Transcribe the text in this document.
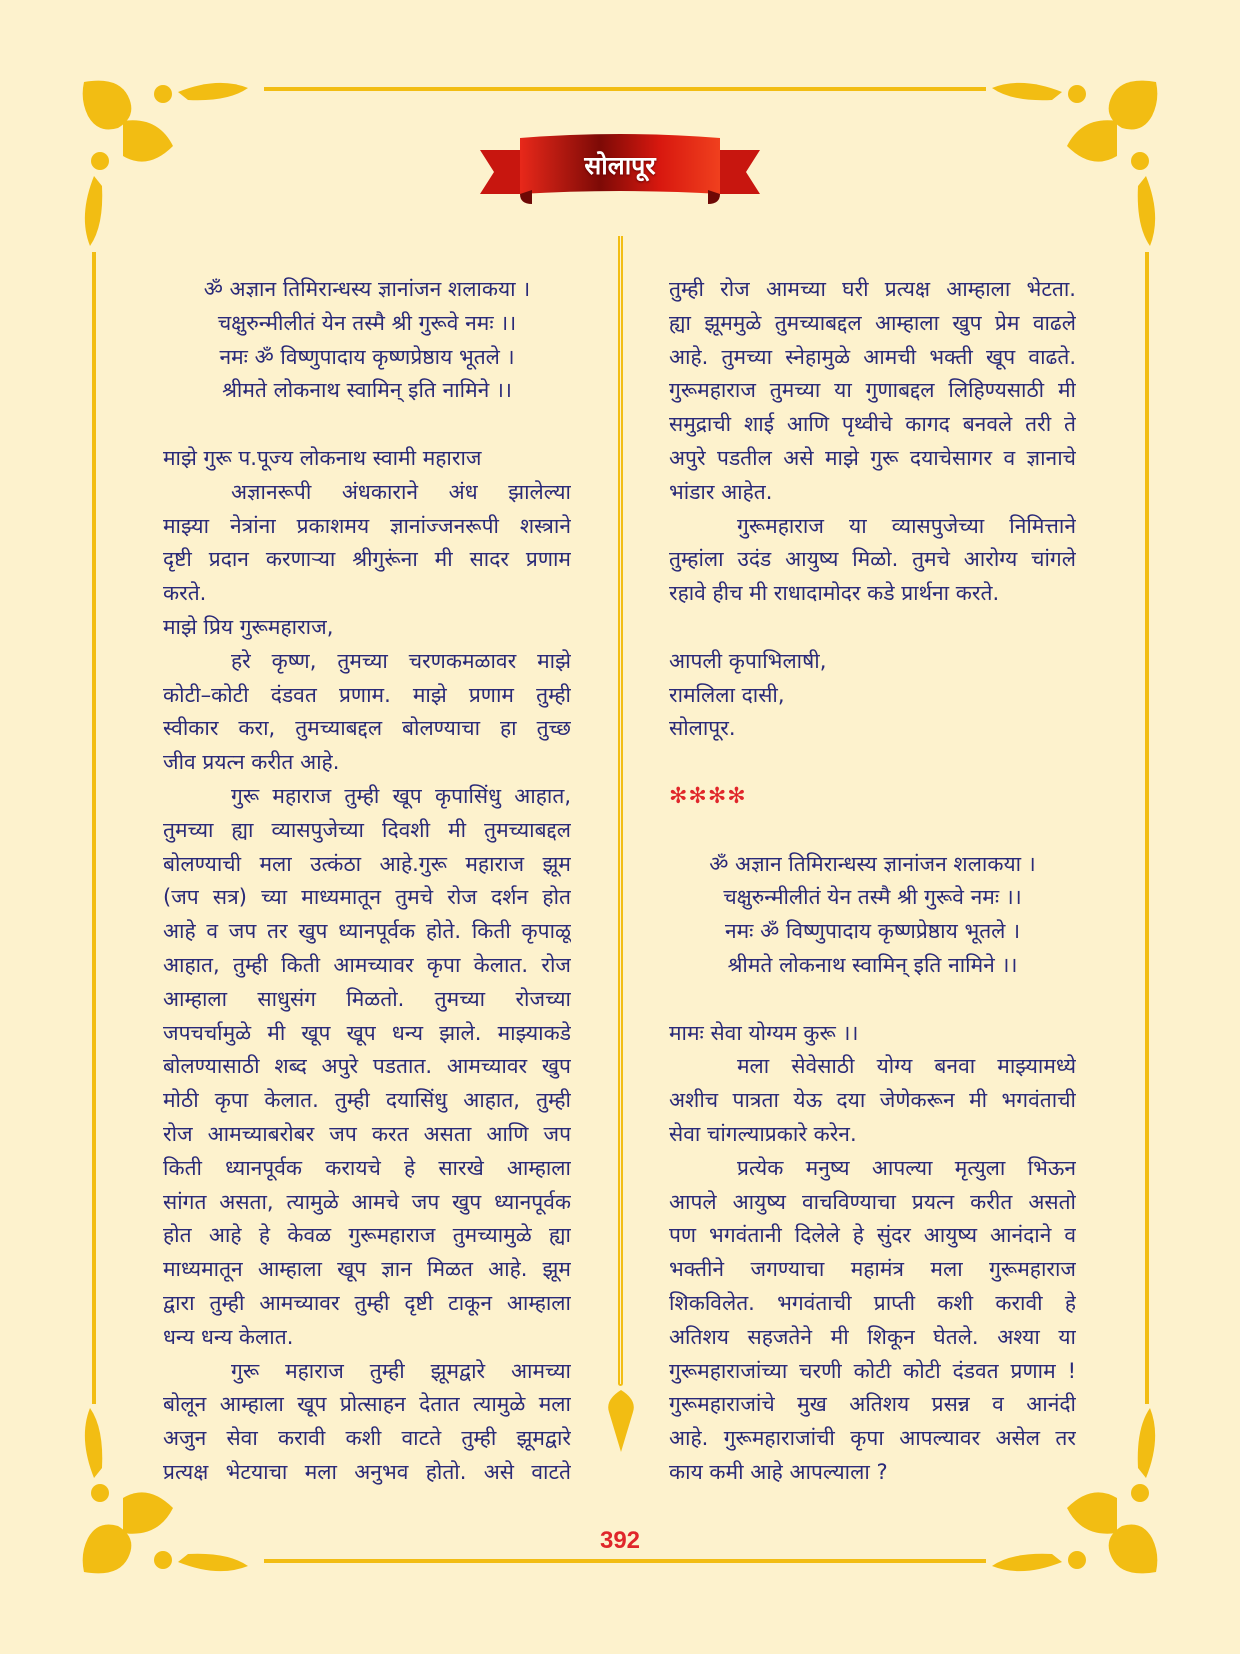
सोलापूर
ॐ अज्ञान तिमिरान्धस्य ज्ञानांजन शलाकया ।
चक्षुरुन्मीलीतं येन तस्मै श्री गुरूवे नमः ।।
नमः ॐ विष्णुपादाय कृष्णप्रेष्ठाय भूतले ।
श्रीमते लोकनाथ स्वामिन् इति नामिने ।।
माझे गुरू प.पूज्य लोकनाथ स्वामी महाराज
अज्ञानरूपी अंधकाराने अंध झालेल्या
माझ्या नेत्रांना प्रकाशमय ज्ञानांज्जनरूपी शस्त्राने
दृष्टी प्रदान करणाऱ्या श्रीगुरूंना मी सादर प्रणाम
करते.
माझे प्रिय गुरूमहाराज,
हरे कृष्ण, तुमच्या चरणकमळावर माझे
कोटी–कोटी दंडवत प्रणाम. माझे प्रणाम तुम्ही
स्वीकार करा, तुमच्याबद्दल बोलण्याचा हा तुच्छ
जीव प्रयत्न करीत आहे.
गुरू महाराज तुम्ही खूप कृपासिंधु आहात,
तुमच्या ह्या व्यासपुजेच्या दिवशी मी तुमच्याबद्दल
बोलण्याची मला उत्कंठा आहे.गुरू महाराज झूम
(जप सत्र) च्या माध्यमातून तुमचे रोज दर्शन होत
आहे व जप तर खुप ध्यानपूर्वक होते. किती कृपाळू
आहात, तुम्ही किती आमच्यावर कृपा केलात. रोज
आम्हाला साधुसंग मिळतो. तुमच्या रोजच्या
जपचर्चामुळे मी खूप खूप धन्य झाले. माझ्याकडे
बोलण्यासाठी शब्द अपुरे पडतात. आमच्यावर खुप
मोठी कृपा केलात. तुम्ही दयासिंधु आहात, तुम्ही
रोज आमच्याबरोबर जप करत असता आणि जप
किती ध्यानपूर्वक करायचे हे सारखे आम्हाला
सांगत असता, त्यामुळे आमचे जप खुप ध्यानपूर्वक
होत आहे हे केवळ गुरूमहाराज तुमच्यामुळे ह्या
माध्यमातून आम्हाला खूप ज्ञान मिळत आहे. झूम
द्वारा तुम्ही आमच्यावर तुम्ही दृष्टी टाकून आम्हाला
धन्य धन्य केलात.
गुरू महाराज तुम्ही झूमद्वारे आमच्या
बोलून आम्हाला खूप प्रोत्साहन देतात त्यामुळे मला
अजुन सेवा करावी कशी वाटते तुम्ही झूमद्वारे
प्रत्यक्ष भेटयाचा मला अनुभव होतो. असे वाटते
तुम्ही रोज आमच्या घरी प्रत्यक्ष आम्हाला भेटता.
ह्या झूममुळे तुमच्याबद्दल आम्हाला खुप प्रेम वाढले
आहे. तुमच्या स्नेहामुळे आमची भक्ती खूप वाढते.
गुरूमहाराज तुमच्या या गुणाबद्दल लिहिण्यसाठी मी
समुद्राची शाई आणि पृथ्वीचे कागद बनवले तरी ते
अपुरे पडतील असे माझे गुरू दयाचेसागर व ज्ञानाचे
भांडार आहेत.
गुरूमहाराज या व्यासपुजेच्या निमित्ताने
तुम्हांला उदंड आयुष्य मिळो. तुमचे आरोग्य चांगले
रहावे हीच मी राधादामोदर कडे प्रार्थना करते.
आपली कृपाभिलाषी,
रामलिला दासी,
सोलापूर.
✻✻✻✻
ॐ अज्ञान तिमिरान्धस्य ज्ञानांजन शलाकया ।
चक्षुरुन्मीलीतं येन तस्मै श्री गुरूवे नमः ।।
नमः ॐ विष्णुपादाय कृष्णप्रेष्ठाय भूतले ।
श्रीमते लोकनाथ स्वामिन् इति नामिने ।।
मामः सेवा योग्यम कुरू ।।
मला सेवेसाठी योग्य बनवा माझ्यामध्ये
अशीच पात्रता येऊ दया जेणेकरून मी भगवंताची
सेवा चांगल्याप्रकारे करेन.
प्रत्येक मनुष्य आपल्या मृत्युला भिऊन
आपले आयुष्य वाचविण्याचा प्रयत्न करीत असतो
पण भगवंतानी दिलेले हे सुंदर आयुष्य आनंदाने व
भक्तीने जगण्याचा महामंत्र मला गुरूमहाराज
शिकविलेत. भगवंताची प्राप्ती कशी करावी हे
अतिशय सहजतेने मी शिकून घेतले. अश्या या
गुरूमहाराजांच्या चरणी कोटी कोटी दंडवत प्रणाम !
गुरूमहाराजांचे मुख अतिशय प्रसन्न व आनंदी
आहे. गुरूमहाराजांची कृपा आपल्यावर असेल तर
काय कमी आहे आपल्याला ?
392
